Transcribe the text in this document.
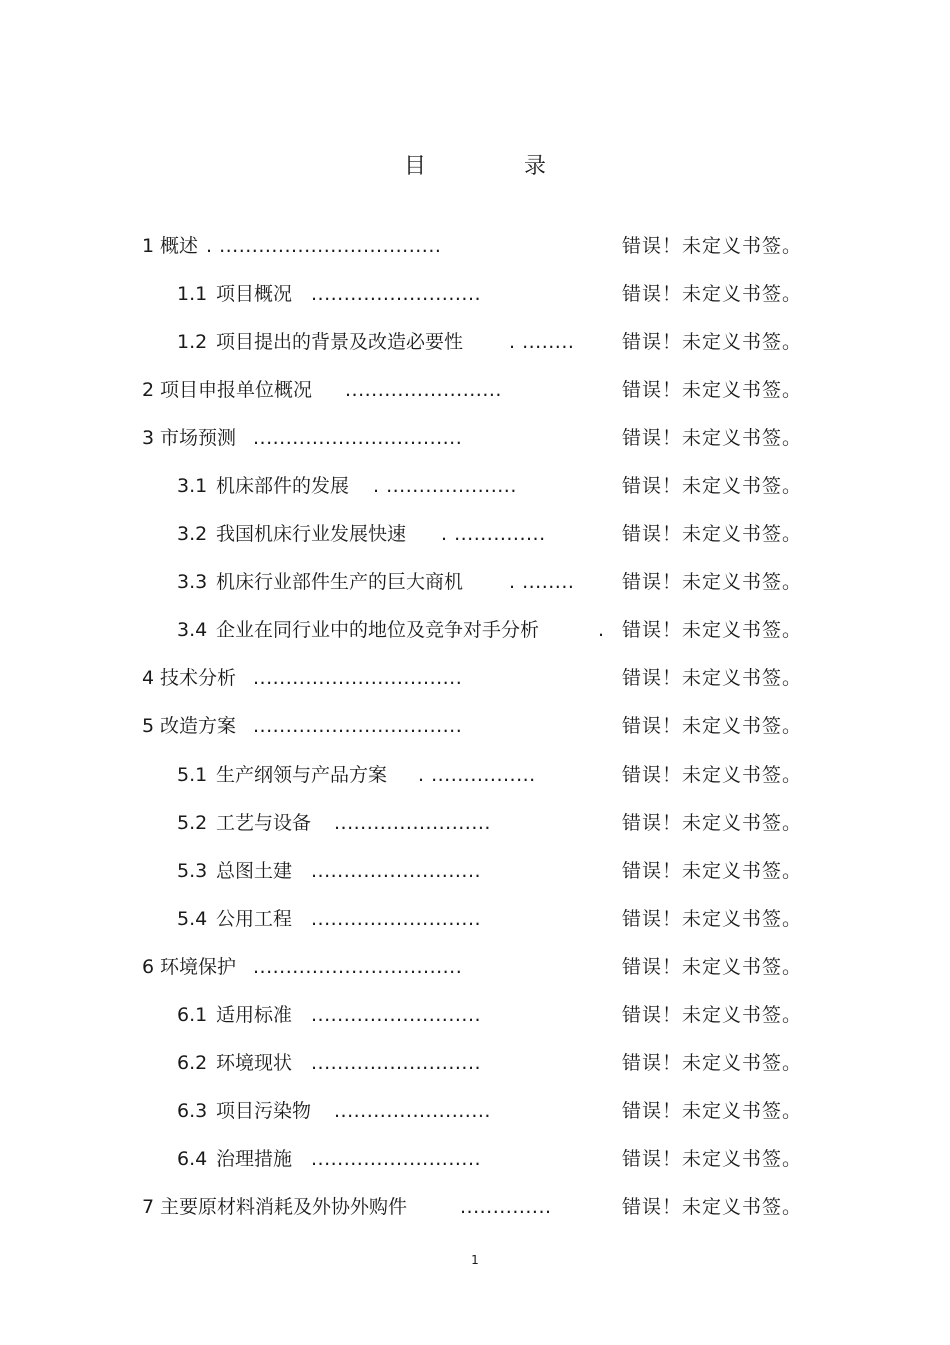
目　录
1 概述 . ..................................	错误！未定义书签。
1.1 项目概况 ..........................	错误！未定义书签。
1.2 项目提出的背景及改造必要性 . ........	错误！未定义书签。
2 项目申报单位概况 ........................	错误！未定义书签。
3 市场预测 ................................	错误！未定义书签。
3.1 机床部件的发展 . ....................	错误！未定义书签。
3.2 我国机床行业发展快速 . ..............	错误！未定义书签。
3.3 机床行业部件生产的巨大商机 . ........	错误！未定义书签。
3.4 企业在同行业中的地位及竞争对手分析	. 错误！未定义书签。
4 技术分析 ................................	错误！未定义书签。
5 改造方案 ................................	错误！未定义书签。
5.1 生产纲领与产品方案 . ................	错误！未定义书签。
5.2 工艺与设备 ........................	错误！未定义书签。
5.3 总图土建 ..........................	错误！未定义书签。
5.4 公用工程 ..........................	错误！未定义书签。
6 环境保护 ................................	错误！未定义书签。
6.1 适用标准 ..........................	错误！未定义书签。
6.2 环境现状 ..........................	错误！未定义书签。
6.3 项目污染物 ........................	错误！未定义书签。
6.4 治理措施 ..........................	错误！未定义书签。
7 主要原材料消耗及外协外购件	..............	错误！未定义书签。
1
